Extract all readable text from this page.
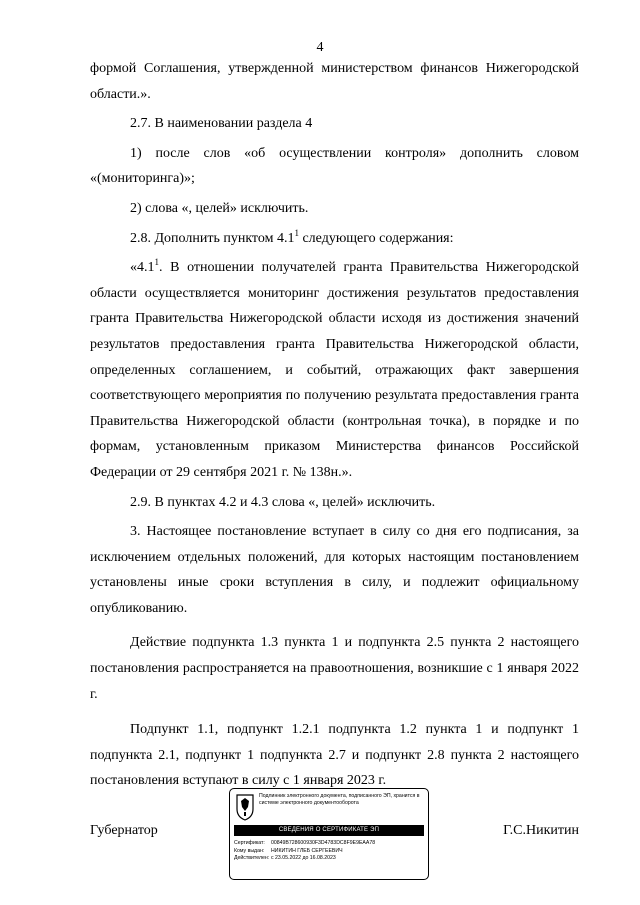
4

формой Соглашения, утвержденной министерством финансов Нижегородской области.».

2.7. В наименовании раздела 4

1) после слов «об осуществлении контроля» дополнить словом «(мониторинга)»;

2) слова «, целей» исключить.

2.8. Дополнить пунктом $4.1^1$ следующего содержания:

«$4.1^1$. В отношении получателей гранта Правительства Нижегородской области осуществляется мониторинг достижения результатов предоставления гранта Правительства Нижегородской области исходя из достижения значений результатов предоставления гранта Правительства Нижегородской области, определенных соглашением, и событий, отражающих факт завершения соответствующего мероприятия по получению результата предоставления гранта Правительства Нижегородской области (контрольная точка), в порядке и по формам, установленным приказом Министерства финансов Российской Федерации от 29 сентября 2021 г. № 138н.».

2.9. В пунктах 4.2 и 4.3 слова «, целей» исключить.

3. Настоящее постановление вступает в силу со дня его подписания, за исключением отдельных положений, для которых настоящим постановлением установлены иные сроки вступления в силу, и подлежит официальному опубликованию.

Действие подпункта 1.3 пункта 1 и подпункта 2.5 пункта 2 настоящего постановления распространяется на правоотношения, возникшие с 1 января 2022 г.

Подпункт 1.1, подпункт 1.2.1 подпункта 1.2 пункта 1 и подпункт 1 подпункта 2.1, подпункт 1 подпункта 2.7 и подпункт 2.8 пункта 2 настоящего постановления вступают в силу с 1 января 2023 г.

Губернатор
Подлинник электронного документа, подписанного ЭП, хранится в системе электронного документооборота
СВЕДЕНИЯ О СЕРТИФИКАТЕ ЭП
Сертификат: 00849B728600930F3D4783DC8F9E9EAA78
Кому выдан: НИКИТИН ГЛЕБ СЕРГЕЕВИЧ
Действителен: с 23.05.2022 до 16.08.2023
Г.С.Никитин
